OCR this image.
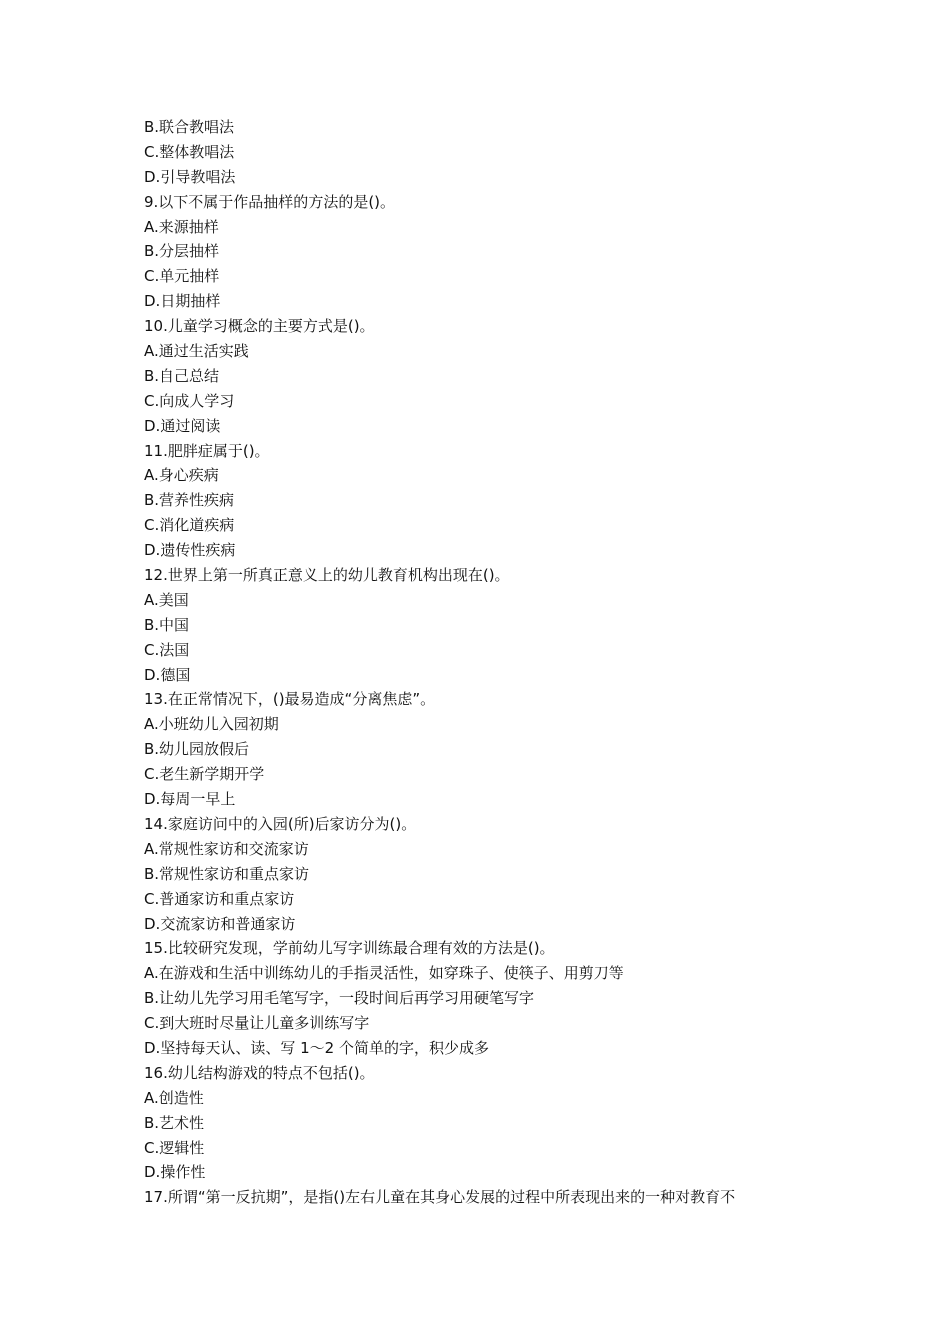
B.联合教唱法
C.整体教唱法
D.引导教唱法
9.以下不属于作品抽样的方法的是()。
A.来源抽样
B.分层抽样
C.单元抽样
D.日期抽样
10.儿童学习概念的主要方式是()。
A.通过生活实践
B.自己总结
C.向成人学习
D.通过阅读
11.肥胖症属于()。
A.身心疾病
B.营养性疾病
C.消化道疾病
D.遗传性疾病
12.世界上第一所真正意义上的幼儿教育机构出现在()。
A.美国
B.中国
C.法国
D.德国
13.在正常情况下，()最易造成“分离焦虑”。
A.小班幼儿入园初期
B.幼儿园放假后
C.老生新学期开学
D.每周一早上
14.家庭访问中的入园(所)后家访分为()。
A.常规性家访和交流家访
B.常规性家访和重点家访
C.普通家访和重点家访
D.交流家访和普通家访
15.比较研究发现，学前幼儿写字训练最合理有效的方法是()。
A.在游戏和生活中训练幼儿的手指灵活性，如穿珠子、使筷子、用剪刀等
B.让幼儿先学习用毛笔写字，一段时间后再学习用硬笔写字
C.到大班时尽量让儿童多训练写字
D.坚持每天认、读、写 1～2 个简单的字，积少成多
16.幼儿结构游戏的特点不包括()。
A.创造性
B.艺术性
C.逻辑性
D.操作性
17.所谓“第一反抗期”，是指()左右儿童在其身心发展的过程中所表现出来的一种对教育不
